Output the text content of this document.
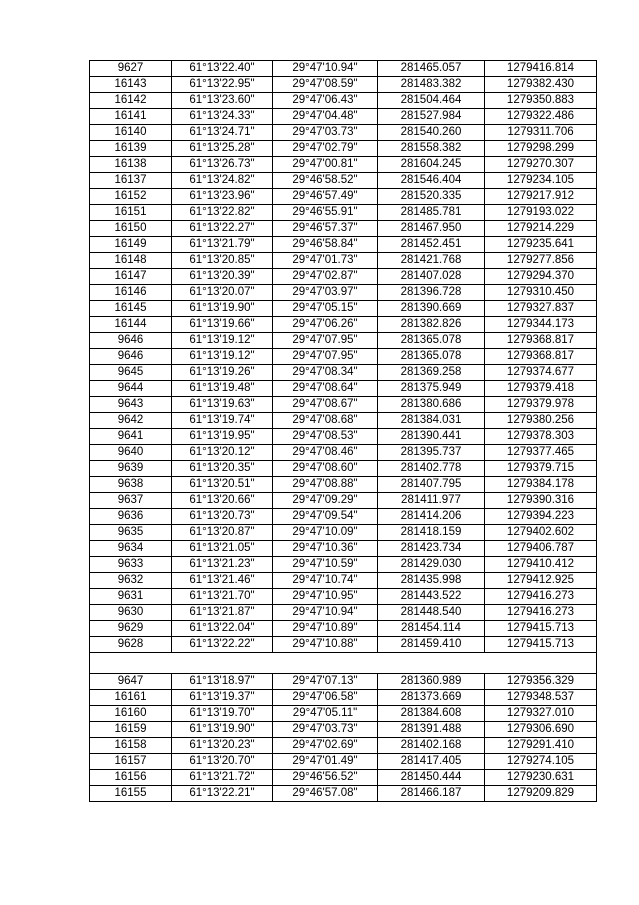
9627	61°13'22.40"	29°47'10.94"	281465.057	1279416.814
16143	61°13'22.95"	29°47'08.59"	281483.382	1279382.430
16142	61°13'23.60"	29°47'06.43"	281504.464	1279350.883
16141	61°13'24.33"	29°47'04.48"	281527.984	1279322.486
16140	61°13'24.71"	29°47'03.73"	281540.260	1279311.706
16139	61°13'25.28"	29°47'02.79"	281558.382	1279298.299
16138	61°13'26.73"	29°47'00.81"	281604.245	1279270.307
16137	61°13'24.82"	29°46'58.52"	281546.404	1279234.105
16152	61°13'23.96"	29°46'57.49"	281520.335	1279217.912
16151	61°13'22.82"	29°46'55.91"	281485.781	1279193.022
16150	61°13'22.27"	29°46'57.37"	281467.950	1279214.229
16149	61°13'21.79"	29°46'58.84"	281452.451	1279235.641
16148	61°13'20.85"	29°47'01.73"	281421.768	1279277.856
16147	61°13'20.39"	29°47'02.87"	281407.028	1279294.370
16146	61°13'20.07"	29°47'03.97"	281396.728	1279310.450
16145	61°13'19.90"	29°47'05.15"	281390.669	1279327.837
16144	61°13'19.66"	29°47'06.26"	281382.826	1279344.173
9646	61°13'19.12"	29°47'07.95"	281365.078	1279368.817
9646	61°13'19.12"	29°47'07.95"	281365.078	1279368.817
9645	61°13'19.26"	29°47'08.34"	281369.258	1279374.677
9644	61°13'19.48"	29°47'08.64"	281375.949	1279379.418
9643	61°13'19.63"	29°47'08.67"	281380.686	1279379.978
9642	61°13'19.74"	29°47'08.68"	281384.031	1279380.256
9641	61°13'19.95"	29°47'08.53"	281390.441	1279378.303
9640	61°13'20.12"	29°47'08.46"	281395.737	1279377.465
9639	61°13'20.35"	29°47'08.60"	281402.778	1279379.715
9638	61°13'20.51"	29°47'08.88"	281407.795	1279384.178
9637	61°13'20.66"	29°47'09.29"	281411.977	1279390.316
9636	61°13'20.73"	29°47'09.54"	281414.206	1279394.223
9635	61°13'20.87"	29°47'10.09"	281418.159	1279402.602
9634	61°13'21.05"	29°47'10.36"	281423.734	1279406.787
9633	61°13'21.23"	29°47'10.59"	281429.030	1279410.412
9632	61°13'21.46"	29°47'10.74"	281435.998	1279412.925
9631	61°13'21.70"	29°47'10.95"	281443.522	1279416.273
9630	61°13'21.87"	29°47'10.94"	281448.540	1279416.273
9629	61°13'22.04"	29°47'10.89"	281454.114	1279415.713
9628	61°13'22.22"	29°47'10.88"	281459.410	1279415.713

9647	61°13'18.97"	29°47'07.13"	281360.989	1279356.329
16161	61°13'19.37"	29°47'06.58"	281373.669	1279348.537
16160	61°13'19.70"	29°47'05.11"	281384.608	1279327.010
16159	61°13'19.90"	29°47'03.73"	281391.488	1279306.690
16158	61°13'20.23"	29°47'02.69"	281402.168	1279291.410
16157	61°13'20.70"	29°47'01.49"	281417.405	1279274.105
16156	61°13'21.72"	29°46'56.52"	281450.444	1279230.631
16155	61°13'22.21"	29°46'57.08"	281466.187	1279209.829
